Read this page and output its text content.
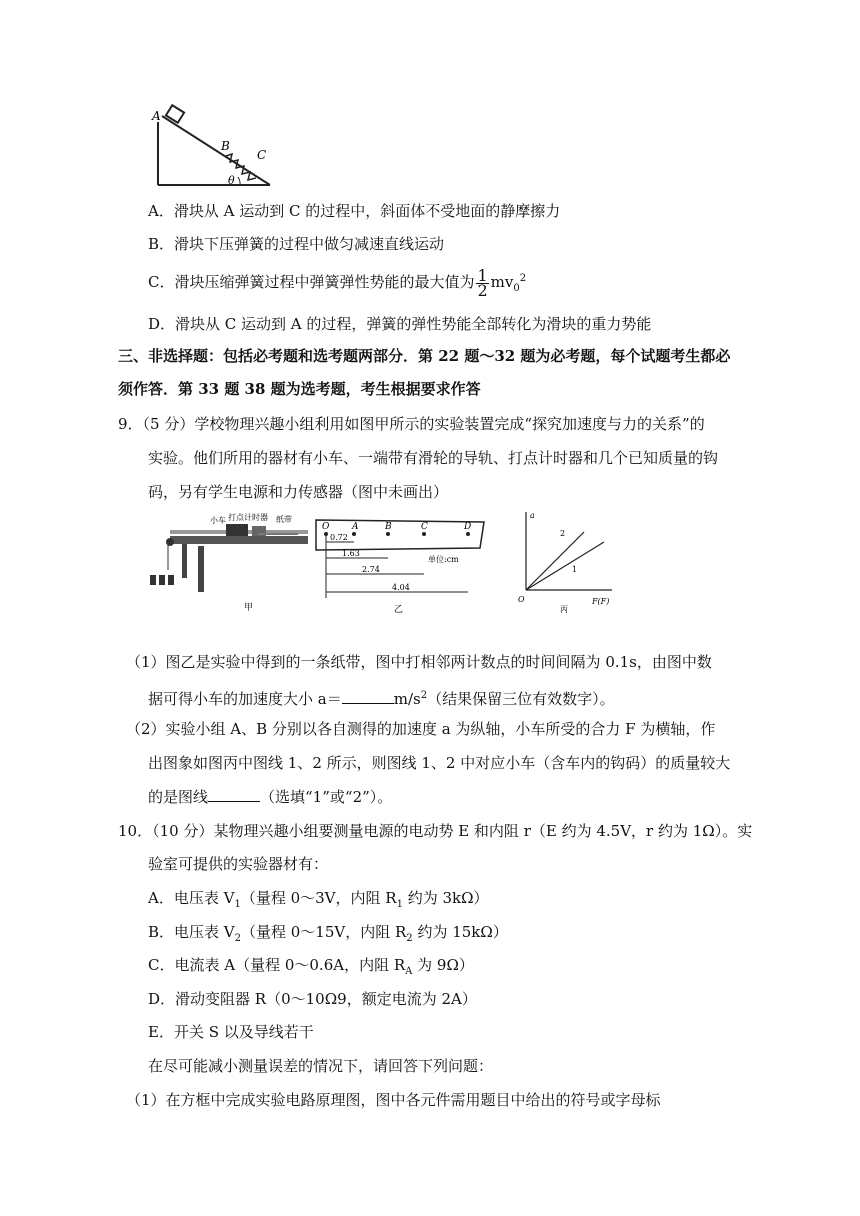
A
B
C
θ
A．滑块从 A 运动到 C 的过程中，斜面体不受地面的静摩擦力
B．滑块下压弹簧的过程中做匀减速直线运动
C．滑块压缩弹簧过程中弹簧弹性势能的最大值为 $\frac{1}{2} mv_0^2$
D．滑块从 C 运动到 A 的过程，弹簧的弹性势能全部转化为滑块的重力势能
三、非选择题：包括必考题和选考题两部分．第 22 题～32 题为必考题，每个试题考生都必
须作答．第 33 题 38 题为选考题，考生根据要求作答
9．（5 分）学校物理兴趣小组利用如图甲所示的实验装置完成“探究加速度与力的关系”的
实验。他们所用的器材有小车、一端带有滑轮的导轨、打点计时器和几个已知质量的钩
码，另有学生电源和力传感器（图中未画出）
小车 打点计时器 纸带
甲
O	A	B	C	D
0.72
1.63
2.74
4.04
单位:cm
乙
a
F(F)
O
2
1
丙
（1）图乙是实验中得到的一条纸带，图中打相邻两计数点的时间间隔为 0.1s，由图中数
据可得小车的加速度大小 a＝	$m/s^2$（结果保留三位有效数字）。
（2）实验小组 A、B 分别以各自测得的加速度 a 为纵轴，小车所受的合力 F 为横轴，作
出图象如图丙中图线 1、2 所示，则图线 1、2 中对应小车（含车内的钩码）的质量较大
的是图线	（选填“1”或“2”）。
10．（10 分）某物理兴趣小组要测量电源的电动势 E 和内阻 r（E 约为 4.5V，r 约为 1Ω）。实
验室可提供的实验器材有：
A．电压表 $V_1$（量程 0～3V，内阻 $R_1$ 约为 3kΩ）
B．电压表 $V_2$（量程 0～15V，内阻 $R_2$ 约为 15kΩ）
C．电流表 A（量程 0～0.6A，内阻 $R_A$ 为 9Ω）
D．滑动变阻器 R（0～10Ω9，额定电流为 2A）
E．开关 S 以及导线若干
在尽可能减小测量误差的情况下，请回答下列问题：
（1）在方框中完成实验电路原理图，图中各元件需用题目中给出的符号或字母标
